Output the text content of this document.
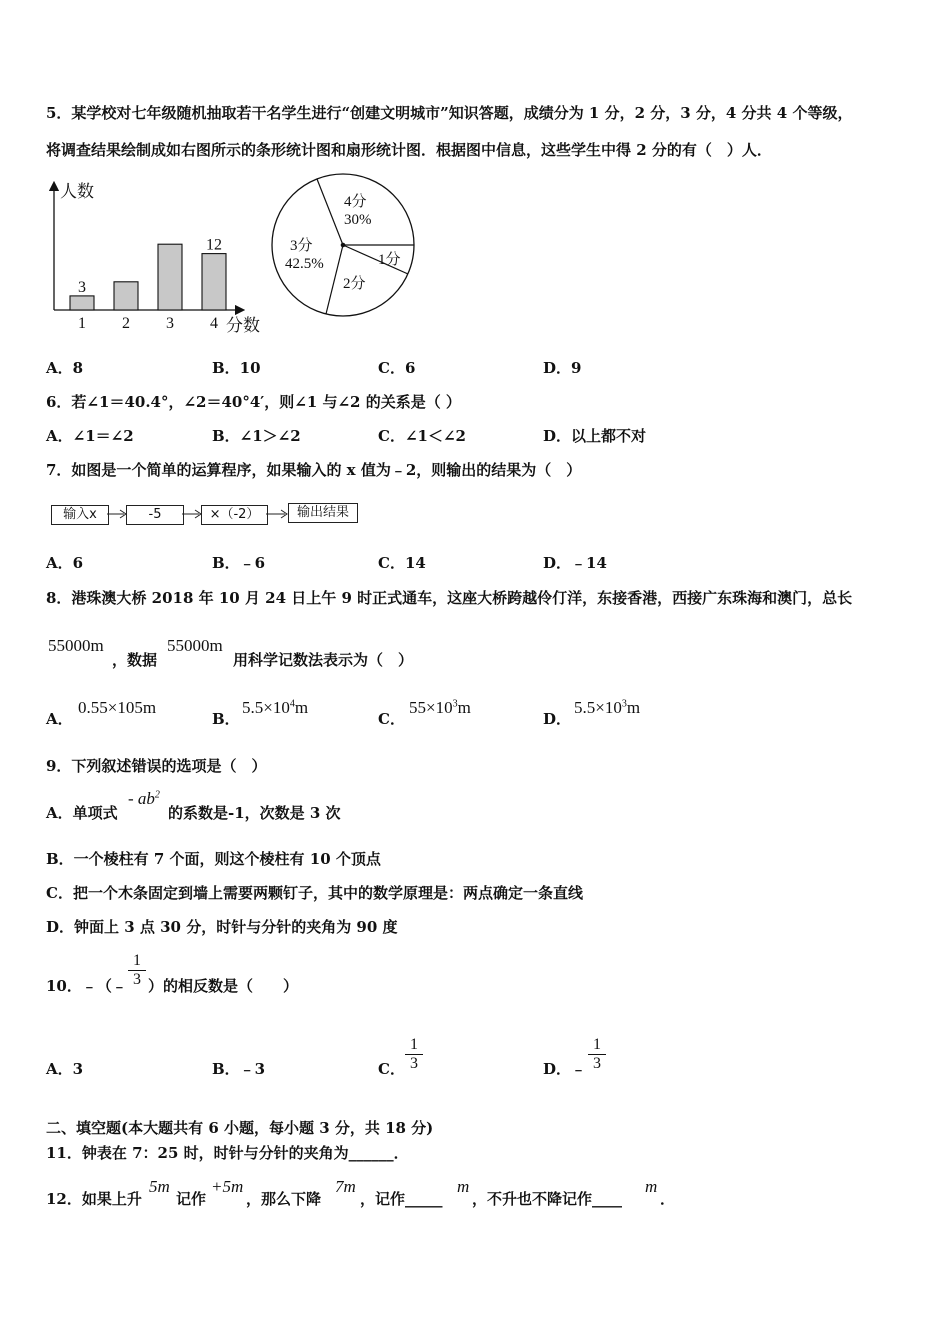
5．某学校对七年级随机抽取若干名学生进行“创建文明城市”知识答题，成绩分为 1 分，2 分，3 分，4 分共 4 个等级，
将调查结果绘制成如右图所示的条形统计图和扇形统计图．根据图中信息，这些学生中得 2 分的有（　）人．
人数
分数
1
3
2 3 4
12
4分
30%
1分
2分
3分
42.5%
A．8	B．10	C．6	D．9
6．若∠1＝40.4°，∠2＝40°4′，则∠1 与∠2 的关系是（ ）
A．∠1＝∠2	B．∠1＞∠2	C．∠1＜∠2	D．以上都不对
7．如图是一个简单的运算程序，如果输入的 x 值为﹣2，则输出的结果为（　）
输入x	-5	×（-2）	输出结果
A．6	B．﹣6	C．14	D．﹣14
8．港珠澳大桥 2018 年 10 月 24 日上午 9 时正式通车，这座大桥跨越伶仃洋，东接香港，西接广东珠海和澳门，总长
55000m
，数据
55000m
用科学记数法表示为（　）
A．
0.55×105m
B．
$5.5\times 10^4m$
C．
$55\times 10^3m$
D．
$5.5\times 10^3m$
9．下列叙述错误的选项是（　）
A．单项式
- $ab^2$
的系数是-1，次数是 3 次
B．一个棱柱有 7 个面，则这个棱柱有 10 个顶点
C．把一个木条固定到墙上需要两颗钉子，其中的数学原理是：两点确定一条直线
D．钟面上 3 点 30 分，时针与分针的夹角为 90 度
10．﹣（﹣ $\frac{1}{3}$ ）的相反数是（　　）
A．3	B．﹣3	C． $\frac{1}{3}$	D．﹣ $\frac{1}{3}$
二、填空题(本大题共有 6 小题，每小题 3 分，共 18 分)
11．钟表在 7：25 时，时针与分针的夹角为______．
12．如果上升
5m
记作
+5m
，那么下降
7m
，记作_____
m
，不升也不降记作____
m
．
